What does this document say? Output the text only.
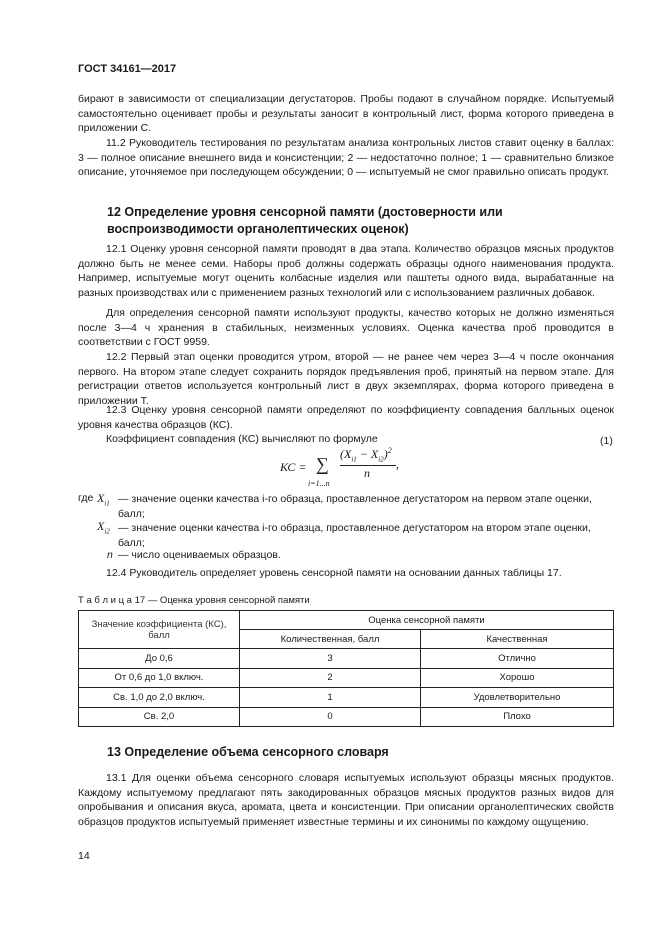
ГОСТ 34161—2017

бирают в зависимости от специализации дегустаторов. Пробы подают в случайном порядке. Испытуемый самостоятельно оценивает пробы и результаты заносит в контрольный лист, форма которого приведена в приложении С.

11.2 Руководитель тестирования по результатам анализа контрольных листов ставит оценку в баллах: 3 — полное описание внешнего вида и консистенции; 2 — недостаточно полное; 1 — сравнительно близкое описание, уточняемое при последующем обсуждении; 0 — испытуемый не смог правильно описать продукт.

12 Определение уровня сенсорной памяти (достоверности или воспроизводимости органолептических оценок)

12.1 Оценку уровня сенсорной памяти проводят в два этапа. Количество образцов мясных продуктов должно быть не менее семи. Наборы проб должны содержать образцы одного наименования продукта. Например, испытуемые могут оценить колбасные изделия или паштеты одного вида, вырабатанные на разных производствах или с применением разных технологий или с использованием различных добавок.

Для определения сенсорной памяти используют продукты, качество которых не должно изменяться после 3—4 ч хранения в стабильных, неизменных условиях. Оценка качества проб проводится в соответствии с ГОСТ 9959.

12.2 Первый этап оценки проводится утром, второй — не ранее чем через 3—4 ч после окончания первого. На втором этапе следует сохранить порядок предъявления проб, принятый на первом этапе. Для регистрации ответов используется контрольный лист в двух экземплярах, форма которого приведена в приложении Т.

12.3 Оценку уровня сенсорной памяти определяют по коэффициенту совпадения балльных оценок уровня качества образцов (КС).

Коэффициент совпадения (КС) вычисляют по формуле

КС = ∑
i=1...n
$(X_{i1} - X_{i2})^2$
n
,
(1)
где $X_{i1}$ — значение оценки качества i-го образца, проставленное дегустатором на первом этапе оценки, балл;
$X_{i2}$ — значение оценки качества i-го образца, проставленное дегустатором на втором этапе оценки, балл;
n — число оцениваемых образцов.

12.4 Руководитель определяет уровень сенсорной памяти на основании данных таблицы 17.

Т а б л и ц а 17 — Оценка уровня сенсорной памяти
Значение коэффициента (КС), балл	Оценка сенсорной памяти	
	Количественная, балл	Качественная
До 0,6	3	Отлично
От 0,6 до 1,0 включ.	2	Хорошо
Св. 1,0 до 2,0 включ.	1	Удовлетворительно
Св. 2,0	0	Плохо
13 Определение объема сенсорного словаря

13.1 Для оценки объема сенсорного словаря испытуемых используют образцы мясных продуктов. Каждому испытуемому предлагают пять закодированных образцов мясных продуктов разных видов для опробывания и описания вкуса, аромата, цвета и консистенции. При описании органолептических свойств образцов продуктов испытуемый применяет известные термины и их синонимы по каждому ощущению.

14
